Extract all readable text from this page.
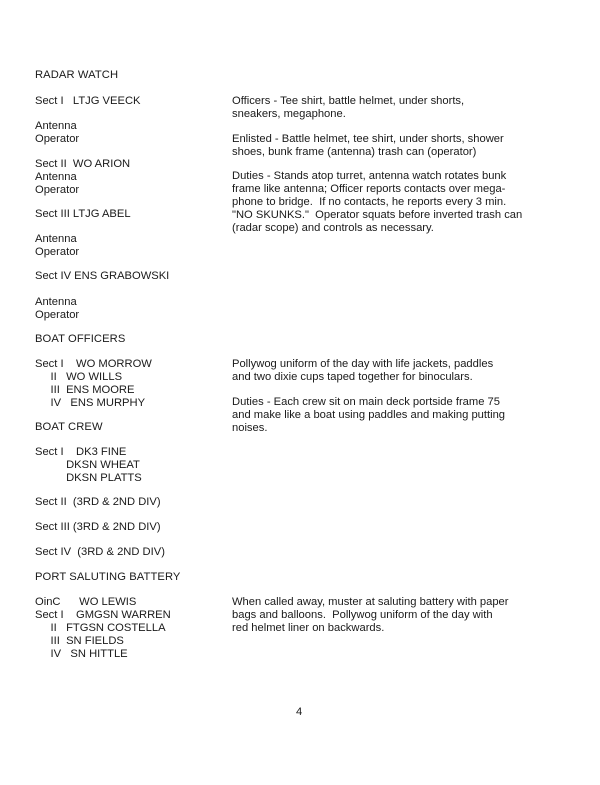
RADAR WATCH
Sect I   LTJG VEECK
Antenna
Operator
Sect II  WO ARION
Antenna
Operator
Sect III LTJG ABEL
Antenna
Operator
Sect IV ENS GRABOWSKI
Antenna
Operator
Officers - Tee shirt, battle helmet, under shorts,
sneakers, megaphone.
Enlisted - Battle helmet, tee shirt, under shorts, shower
shoes, bunk frame (antenna) trash can (operator)
Duties - Stands atop turret, antenna watch rotates bunk
frame like antenna; Officer reports contacts over mega-
phone to bridge.  If no contacts, he reports every 3 min.
"NO SKUNKS."  Operator squats before inverted trash can
(radar scope) and controls as necessary.
BOAT OFFICERS
Sect I    WO MORROW
II   WO WILLS
III  ENS MOORE
IV   ENS MURPHY
Pollywog uniform of the day with life jackets, paddles
and two dixie cups taped together for binoculars.
Duties - Each crew sit on main deck portside frame 75
and make like a boat using paddles and making putting
noises.
BOAT CREW
Sect I    DK3 FINE
DKSN WHEAT
DKSN PLATTS
Sect II  (3RD & 2ND DIV)
Sect III (3RD & 2ND DIV)
Sect IV  (3RD & 2ND DIV)
PORT SALUTING BATTERY
OinC      WO LEWIS
Sect I    GMGSN WARREN
II   FTGSN COSTELLA
III  SN FIELDS
IV   SN HITTLE
When called away, muster at saluting battery with paper
bags and balloons.  Pollywog uniform of the day with
red helmet liner on backwards.
4
